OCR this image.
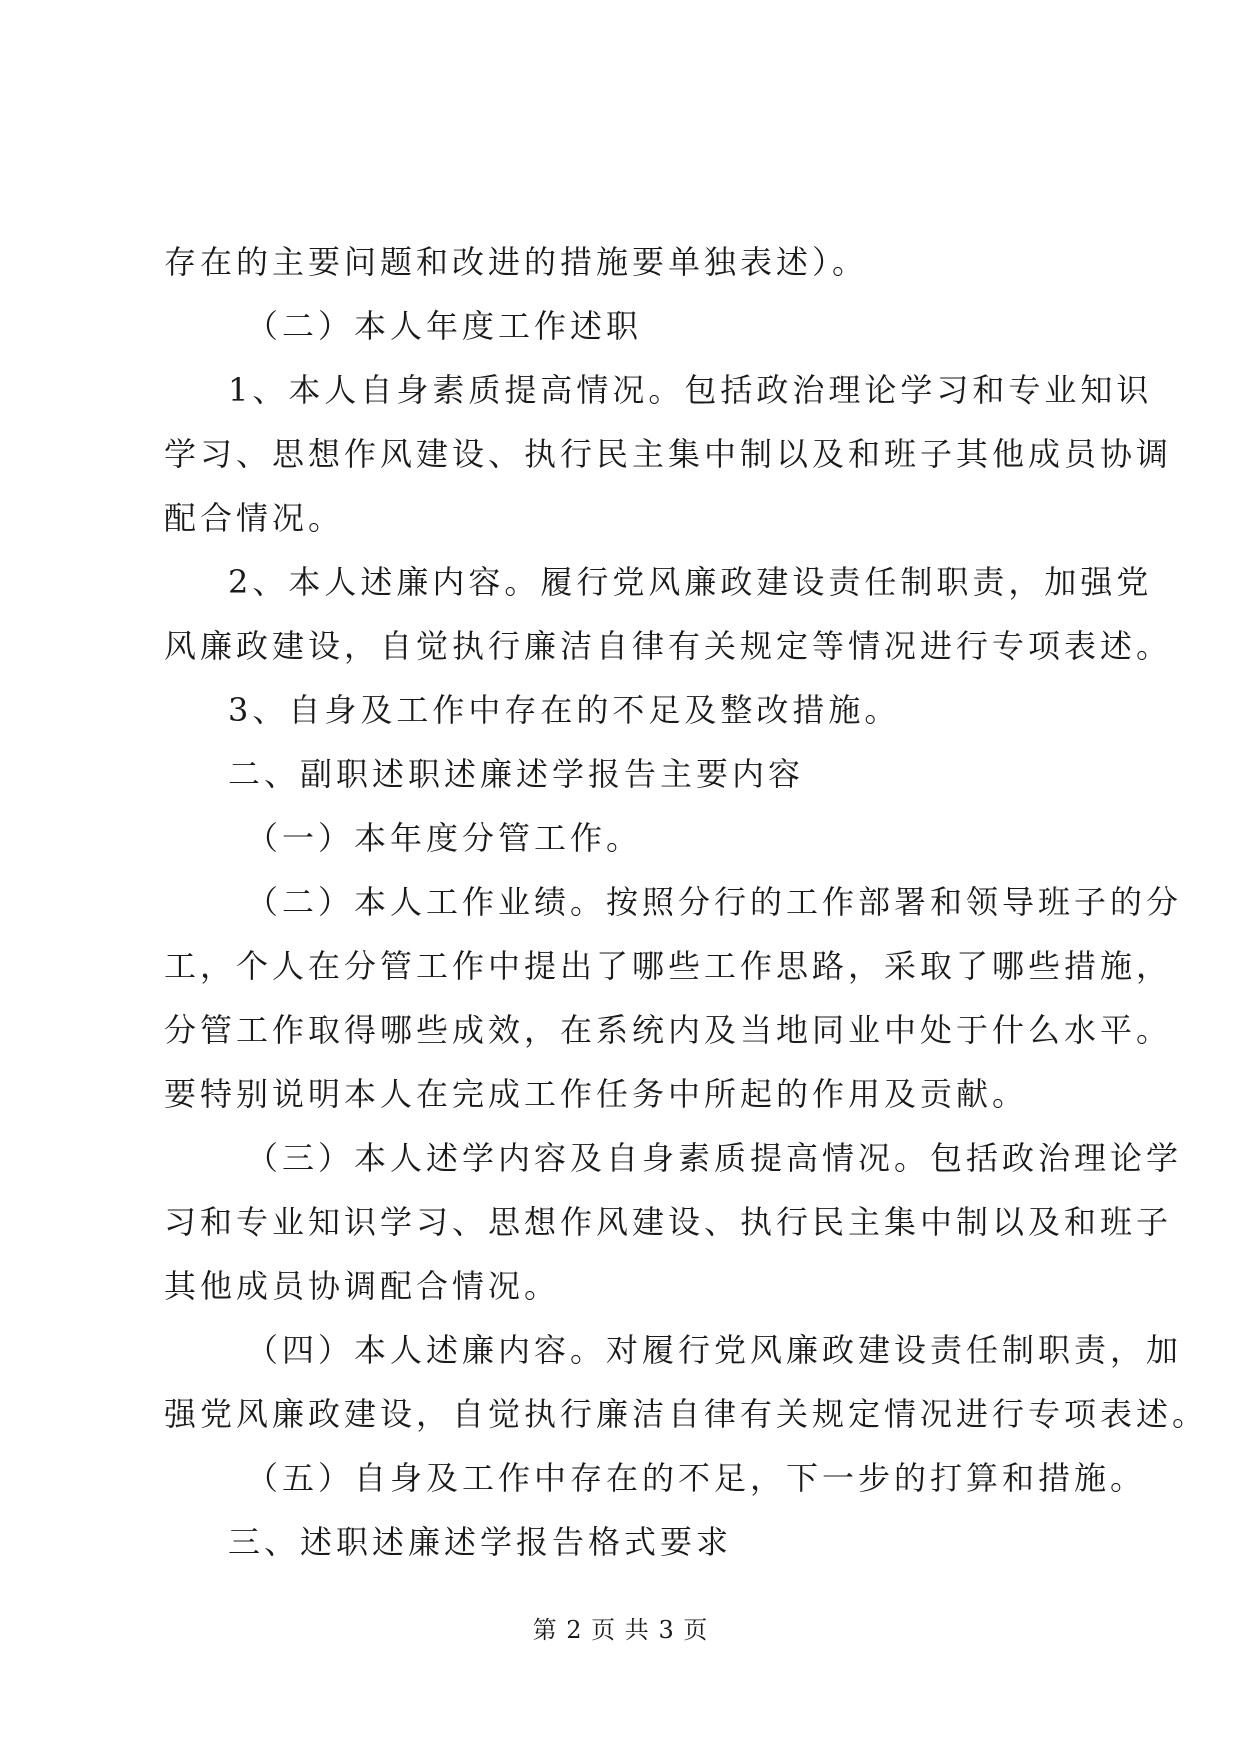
存在的主要问题和改进的措施要单独表述）。
（二）本人年度工作述职
1、本人自身素质提高情况。包括政治理论学习和专业知识
学习、思想作风建设、执行民主集中制以及和班子其他成员协调
配合情况。
2、本人述廉内容。履行党风廉政建设责任制职责，加强党
风廉政建设，自觉执行廉洁自律有关规定等情况进行专项表述。
3、自身及工作中存在的不足及整改措施。
二、副职述职述廉述学报告主要内容
（一）本年度分管工作。
（二）本人工作业绩。按照分行的工作部署和领导班子的分
工，个人在分管工作中提出了哪些工作思路，采取了哪些措施，
分管工作取得哪些成效，在系统内及当地同业中处于什么水平。
要特别说明本人在完成工作任务中所起的作用及贡献。
（三）本人述学内容及自身素质提高情况。包括政治理论学
习和专业知识学习、思想作风建设、执行民主集中制以及和班子
其他成员协调配合情况。
（四）本人述廉内容。对履行党风廉政建设责任制职责，加
强党风廉政建设，自觉执行廉洁自律有关规定情况进行专项表述。
（五）自身及工作中存在的不足，下一步的打算和措施。
三、述职述廉述学报告格式要求
第 2 页 共 3 页
